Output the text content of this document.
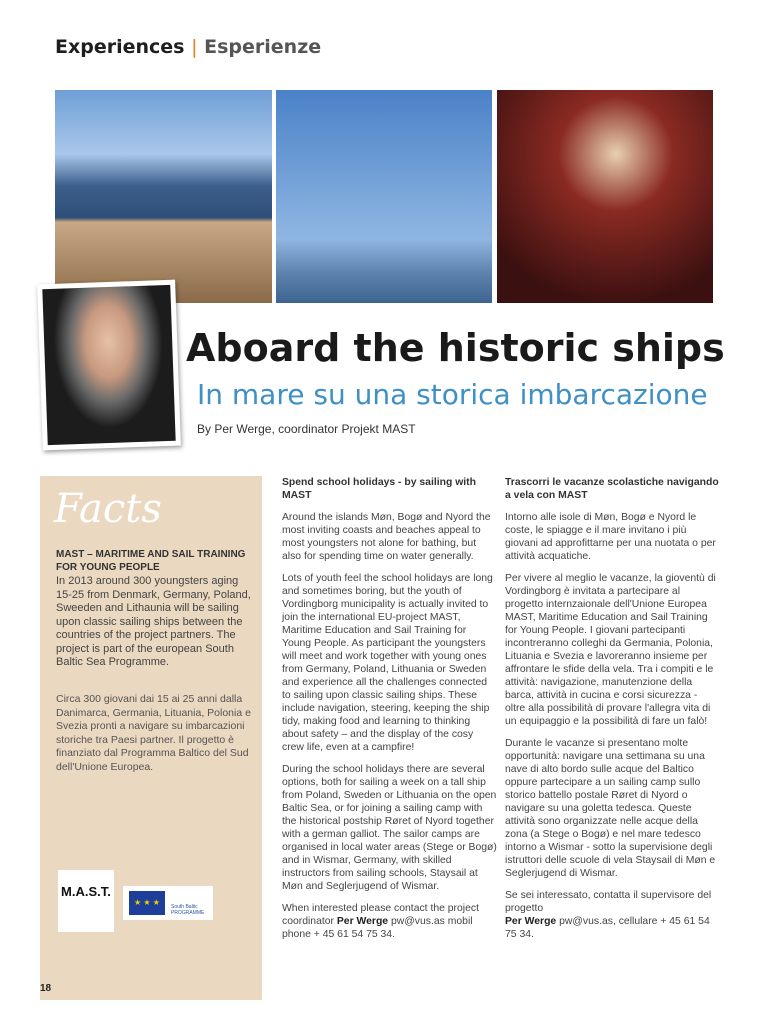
Experiences | Esperienze
Aboard the historic ships
In mare su una storica imbarcazione
By Per Werge, coordinator Projekt MAST
Facts
MAST – MARITIME AND SAIL TRAINING FOR YOUNG PEOPLE
In 2013 around 300 youngsters aging 15-25 from Denmark, Germany, Poland, Sweeden and Lithaunia will be sailing upon classic sailing ships between the countries of the project partners. The project is part of the european South Baltic Sea Programme.
Circa 300 giovani dai 15 ai 25 anni dalla Danimarca, Germania, Lituania, Polonia e Svezia pronti a navigare su imbarcazioni storiche tra Paesi partner. Il progetto è finanziato dal Programma Baltico del Sud dell'Unione Europea.
M.A.S.T.
★ ★ ★	South Baltic PROGRAMME

Spend school holidays - by sailing with MAST

Around the islands Møn, Bogø and Nyord the most inviting coasts and beaches appeal to most youngsters not alone for bathing, but also for spending time on water generally.

Lots of youth feel the school holidays are long and sometimes boring, but the youth of Vordingborg municipality is actually invited to join the international EU-project MAST, Maritime Education and Sail Training for Young People. As participant the youngsters will meet and work together with young ones from Germany, Poland, Lithuania or Sweden and experience all the challenges connected to sailing upon classic sailing ships. These include navigation, steering, keeping the ship tidy, making food and learning to thinking about safety – and the display of the cosy crew life, even at a campfire!

During the school holidays there are several options, both for sailing a week on a tall ship from Poland, Sweden or Lithuania on the open Baltic Sea, or for joining a sailing camp with the historical postship Røret of Nyord together with a german galliot. The sailor camps are organised in local water areas (Stege or Bogø) and in Wismar, Germany, with skilled instructors from sailing schools, Staysail at Møn and Seglerjugend of Wismar.

When interested please contact the project coordinator Per Werge pw@vus.as mobil phone + 45 61 54 75 34.

Trascorri le vacanze scolastiche navigando a vela con MAST

Intorno alle isole di Møn, Bogø e Nyord le coste, le spiagge e il mare invitano i più giovani ad approfittarne per una nuotata o per attività acquatiche.

Per vivere al meglio le vacanze, la gioventù di Vordingborg è invitata a partecipare al progetto internzaionale dell'Unione Europea MAST, Maritime Education and Sail Training for Young People. I giovani partecipanti incontreranno colleghi da Germania, Polonia, Lituania e Svezia e lavoreranno insieme per affrontare le sfide della vela. Tra i compiti e le attività: navigazione, manutenzione della barca, attività in cucina e corsi sicurezza - oltre alla possibilità di provare l'allegra vita di un equipaggio e la possibilità di fare un falò!

Durante le vacanze si presentano molte opportunità: navigare una settimana su una nave di alto bordo sulle acque del Baltico oppure partecipare a un sailing camp sullo storico battello postale Røret di Nyord o navigare su una goletta tedesca. Queste attività sono organizzate nelle acque della zona (a Stege o Bogø) e nel mare tedesco intorno a Wismar - sotto la supervisione degli istruttori delle scuole di vela Staysail di Møn e Seglerjugend di Wismar.

Se sei interessato, contatta il supervisore del progetto
Per Werge pw@vus.as, cellulare + 45 61 54 75 34.

18
